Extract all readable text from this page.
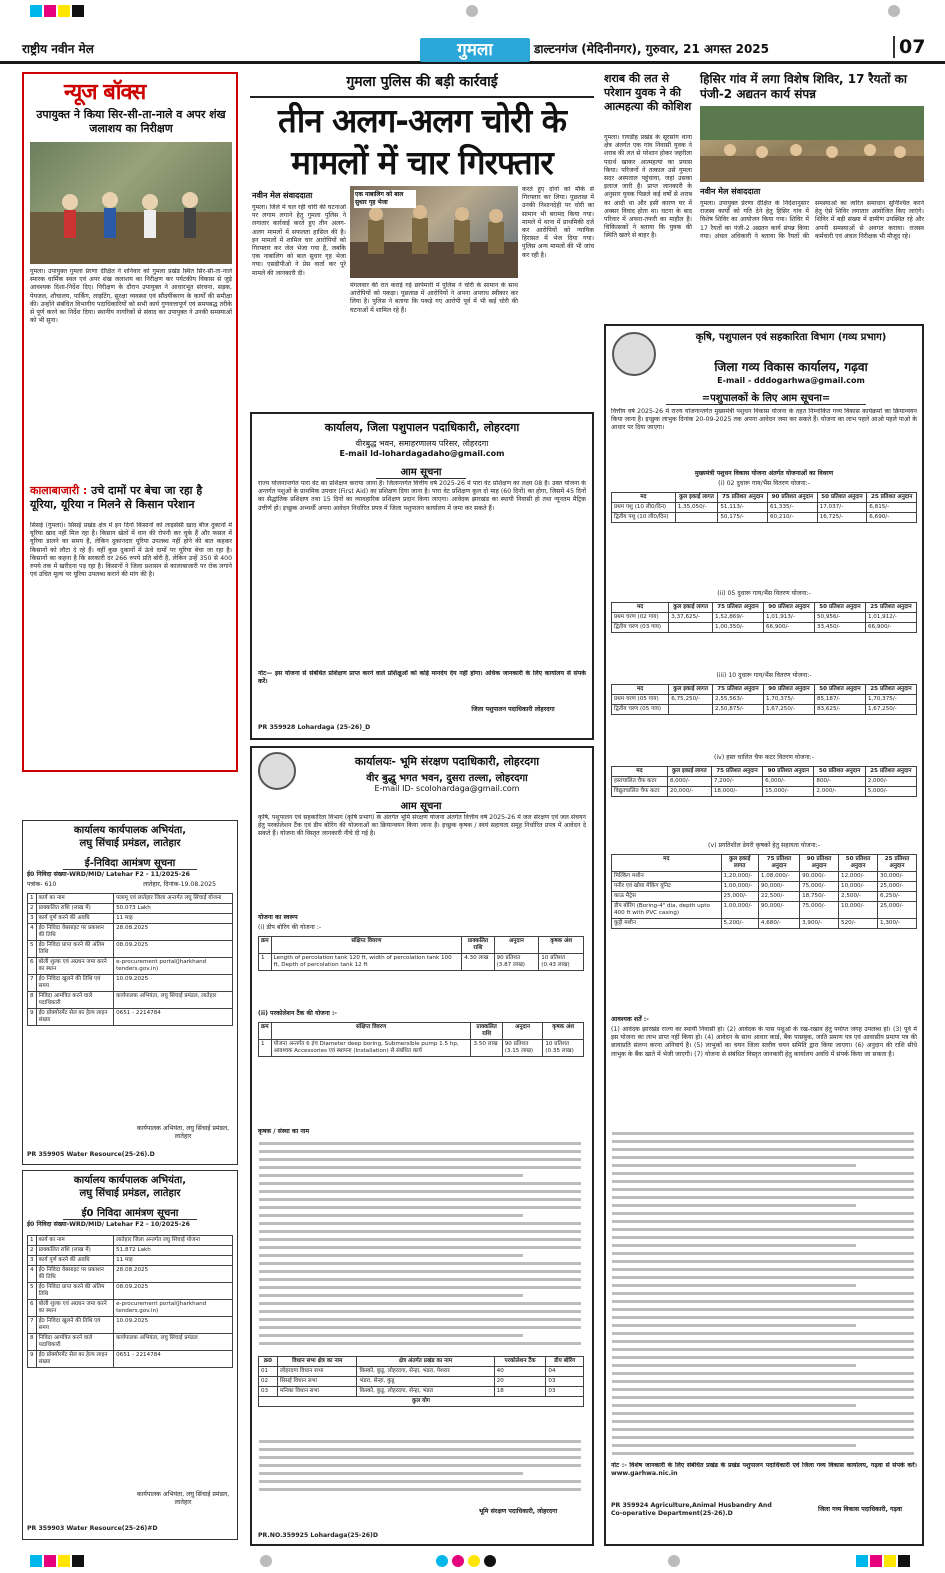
राष्ट्रीय नवीन मेल	गुमला	डाल्टनगंज (मेदिनीनगर), गुरुवार, 21 अगस्त 2025	07
न्यूज बॉक्स
उपायुक्त ने किया सिर-सी-ता-नाले व अपर शंख जलाशय का निरीक्षण
गुमला। उपायुक्त गुमला प्रेरणा दीक्षित ने शनिवार को गुमला प्रखंड स्थित सिर-सी-ता-नाले स्मारक धार्मिक स्थल एवं अपर शंख जलाशय का निरीक्षण कर पर्यटकीय विकास से जुड़े आवश्यक दिशा-निर्देश दिए। निरीक्षण के दौरान उपायुक्त ने आधारभूत संरचना, सड़क, पेयजल, शौचालय, पार्किंग, लाइटिंग, सुरक्षा व्यवस्था एवं सौंदर्यीकरण के कार्यों की समीक्षा की। उन्होंने संबंधित विभागीय पदाधिकारियों को सभी कार्य गुणवत्तापूर्ण एवं समयबद्ध तरीके से पूर्ण करने का निर्देश दिया। स्थानीय नागरिकों से संवाद कर उपायुक्त ने उनकी समस्याओं को भी सुना।
कालाबाजारी : उचे दामों पर बेचा जा रहा है यूरिया, यूरिया न मिलने से किसान परेशान
सिसई (गुमला)। सिसई प्रखंड क्षेत्र में इन दिनों किसानों को लाइसेंसी खाद बीज दुकानों में यूरिया खाद नहीं मिल रहा है। किसान खेतों में धान की रोपनी कर चुके हैं और फसल में यूरिया डालने का समय है, लेकिन दुकानदार यूरिया उपलब्ध नहीं होने की बात कहकर किसानों को लौटा दे रहे हैं। वहीं कुछ दुकानों में ऊंचे दामों पर यूरिया बेचा जा रहा है। किसानों का कहना है कि सरकारी दर 266 रुपये प्रति बोरी है, लेकिन उन्हें 350 से 400 रुपये तक में खरीदना पड़ रहा है। किसानों ने जिला प्रशासन से कालाबाजारी पर रोक लगाने एवं उचित मूल्य पर यूरिया उपलब्ध कराने की मांग की है।
कार्यालय कार्यपालक अभियंता,
लघु सिंचाई प्रमंडल, लातेहार
ई-निविदा आमंत्रण सूचना
ई0 निविदा संख्या-WRD/MID/ Latehar F2 - 11/2025-26
पत्रांक- 610	लातेहार, दिनांक-19.08.2025
1	कार्य का नाम	पलामू एवं लातेहार जिला अन्तर्गत लघु सिंचाई योजना
2	प्राक्कलित राशि (लाख में)	50.073 Lakh
3	कार्य पूर्ण करने की अवधि	11 माह
4	ई0 निविदा वेबसाइट पर प्रकाशन की तिथि	28.08.2025
5	ई0 निविदा प्राप्त करने की अंतिम तिथि	08.09.2025
6	बोली शुल्क एवं अग्रधन जमा करने का स्थान	e-procurement portal(Jharkhand tenders.gov.in)
7	ई0 निविदा खुलने की तिथि एवं समय	10.09.2025
8	निविदा आमंत्रित करने वाले पदाधिकारी	कार्यपालक अभियंता, लघु सिंचाई प्रमंडल, लातेहार
9	ई0 प्रोक्योरमेंट सेल का हेल्प लाइन संख्या	0651 - 2214784
कार्यपालक अभियंता, लघु सिंचाई प्रमंडल, लातेहार
PR 359905 Water Resource(25-26).D
कार्यालय कार्यपालक अभियंता,
लघु सिंचाई प्रमंडल, लातेहार
ई0 निविदा आमंत्रण सूचना
ई0 निविदा संख्या-WRD/MID/ Latehar F2 - 10/2025-26
1	कार्य का नाम	लातेहार जिला अन्तर्गत लघु सिंचाई योजना
2	प्राक्कलित राशि (लाख में)	51.872 Lakh
3	कार्य पूर्ण करने की अवधि	11 माह
4	ई0 निविदा वेबसाइट पर प्रकाशन की तिथि	28.08.2025
5	ई0 निविदा प्राप्त करने की अंतिम तिथि	08.09.2025
6	बोली शुल्क एवं अग्रधन जमा करने का स्थान	e-procurement portal(Jharkhand tenders.gov.in)
7	ई0 निविदा खुलने की तिथि एवं समय	10.09.2025
8	निविदा आमंत्रित करने वाले पदाधिकारी	कार्यपालक अभियंता, लघु सिंचाई प्रमंडल
9	ई0 प्रोक्योरमेंट सेल का हेल्प लाइन संख्या	0651 - 2214784
कार्यपालक अभियंता, लघु सिंचाई प्रमंडल, लातेहार
PR 359903 Water Resource(25-26)#D
गुमला पुलिस की बड़ी कार्रवाई
तीन अलग-अलग चोरी के
मामलों में चार गिरफ्तार
नवीन मेल संवाददाता
गुमला। जिले में चल रही चोरी की घटनाओं पर लगाम लगाने हेतु गुमला पुलिस ने लगातार कार्रवाई करते हुए तीन अलग-अलग मामलों में सफलता हासिल की है। इन मामलों में शामिल चार आरोपियों को गिरफ्तार कर जेल भेजा गया है, जबकि एक नाबालिग को बाल सुधार गृह भेजा गया। एसडीपीओ ने प्रेस वार्ता कर पूरे मामले की जानकारी दी।
एक नाबालिग को बाल सुधार गृह भेजा
मंगलवार की रात कराई गई छापेमारी में पुलिस ने चोरी के सामान के साथ आरोपियों को पकड़ा। पूछताछ में आरोपियों ने अपना अपराध स्वीकार कर लिया है। पुलिस ने बताया कि पकड़े गए आरोपी पूर्व में भी कई चोरी की घटनाओं में शामिल रहे हैं।
करते हुए दोनों को मौके से गिरफ्तार कर लिया। पूछताछ में उनकी निशानदेही पर चोरी का सामान भी बरामद किया गया। मामले में थाना में प्राथमिकी दर्ज कर आरोपियों को न्यायिक हिरासत में भेज दिया गया। पुलिस अन्य मामलों की भी जांच कर रही है।
कार्यालय, जिला पशुपालन पदाधिकारी, लोहरदगा
वीरबुद्ध भवन, समाहरणालय परिसर, लोहरदगा
E-mail ld-lohardagadaho@gmail.com
आम सूचना
राज्य योजनान्तर्गत पारा वेट का प्रशिक्षण कराया जाना है। जिलान्तर्गत वित्तीय वर्ष 2025-26 में पारा वेट प्रशिक्षण का लक्ष्य 08 है। उक्त योजना के अन्तर्गत पशुओं के प्राथमिक उपचार (First Aid) का प्रशिक्षण दिया जाना है। पारा वेट प्रशिक्षण कुल दो माह (60 दिनों) का होगा, जिसमें 45 दिनों का सैद्धांतिक प्रशिक्षण तथा 15 दिनों का व्यावहारिक प्रशिक्षण प्रदान किया जाएगा। आवेदक झारखंड का स्थायी निवासी हो तथा न्यूनतम मैट्रिक उत्तीर्ण हो। इच्छुक अभ्यर्थी अपना आवेदन निर्धारित प्रपत्र में जिला पशुपालन कार्यालय में जमा कर सकते हैं।
नोट— इस योजना से संबंधित प्रशिक्षण प्राप्त करने वाले प्रशिक्षुओं को कोई मानदेय देय नहीं होगा। अधिक जानकारी के लिए कार्यालय से संपर्क करें।
जिला पशुपालन पदाधिकारी लोहरदगा
PR 359928 Lohardaga (25-26)_D
कार्यालयः- भूमि संरक्षण पदाधिकारी, लोहरदगा
वीर बुद्धु भगत भवन, दुसरा तल्ला, लोहरदगा
E-mail ID- scolohardaga@gmail.com
आम सूचना
कृषि, पशुपालन एवं सहकारिता विभाग (कृषि प्रभाग) के अंतर्गत भूमि संरक्षण योजना अंतर्गत वित्तीय वर्ष 2025-26 में जल संरक्षण एवं जल संचयन हेतु परकोलेशन टैंक एवं डीप बोरिंग की योजनाओं का क्रियान्वयन किया जाना है। इच्छुक कृषक / स्वयं सहायता समूह निर्धारित प्रपत्र में आवेदन दे सकते हैं। योजना की विस्तृत जानकारी नीचे दी गई है।
योजना का स्वरूप
(i) डीप बोरिंग की योजना :-
क्रम	संक्षिप्त विवरण	प्राक्कलित राशि	अनुदान	कृषक अंश
1	Length of percolation tank 120 ft, width of percolation tank 100 ft, Depth of percolation tank 12 ft	4.30 लाख	90 प्रतिशत (3.87 लाख)	10 प्रतिशत (0.43 लाख)
(ii) परकोलेशन टैंक की योजना :-
क्रम	संक्षिप्त विवरण	प्राक्कलित राशि	अनुदान	कृषक अंश
1	योजना अन्तर्गत 6 इंच Diameter deep boring, Submersible pump 1.5 hp, आवश्यक Accessories एवं स्थापना (Installation) से संबंधित कार्य	3.50 लाख	90 प्रतिशत (3.15 लाख)	10 प्रतिशत (0.35 लाख)
कृषक / संस्था का नाम
क्र0	विधान सभा क्षेत्र का नाम	क्षेत्र अंतर्गत प्रखंड का नाम	परकोलेशन टैंक	डीप बोरिंग
01	लोहरदगा विधान सभा	किस्को, कुडू, लोहरदगा, सेन्हा, भंडरा, पेशरार	40	04
02	सिसई विधान सभा	भंडरा, सेन्हा, कुडू	20	03
03	मनिका विधान सभा	किस्को, कुडू, लोहरदगा, सेन्हा, भंडरा	18	03
कुल योग				
भूमि संरक्षण पदाधिकारी, लोहरदगा
PR.NO.359925 Lohardaga(25-26)D
शराब की लत से परेशान युवक ने की आत्महत्या की कोशिश
गुमला। रायडीह प्रखंड के सूरसांग थाना क्षेत्र अंतर्गत एक गांव निवासी युवक ने शराब की लत से परेशान होकर जहरीला पदार्थ खाकर आत्महत्या का प्रयास किया। परिजनों ने तत्काल उसे गुमला सदर अस्पताल पहुंचाया, जहां उसका इलाज जारी है। प्राप्त जानकारी के अनुसार युवक पिछले कई वर्षों से शराब का आदी था और इसी कारण घर में अक्सर विवाद होता था। घटना के बाद परिवार में अफरा-तफरी का माहौल है। चिकित्सकों ने बताया कि युवक की स्थिति खतरे से बाहर है।
हिसिर गांव में लगा विशेष शिविर, 17 रैयतों का पंजी-2 अद्यतन कार्य संपन्न
नवीन मेल संवाददाता
गुमला। उपायुक्त प्रेरणा दीक्षित के निर्देशानुसार राजस्व कार्यों को गति देने हेतु हिसिर गांव में विशेष शिविर का आयोजन किया गया। शिविर में 17 रैयतों का पंजी-2 अद्यतन कार्य संपन्न किया गया। अंचल अधिकारी ने बताया कि रैयतों की समस्याओं का त्वरित समाधान सुनिश्चित करने हेतु ऐसे शिविर लगातार आयोजित किए जाएंगे। शिविर में बड़ी संख्या में ग्रामीण उपस्थित रहे और अपनी समस्याओं से अवगत कराया। राजस्व कर्मचारी एवं अंचल निरीक्षक भी मौजूद रहे।
कृषि, पशुपालन एवं सहकारिता विभाग (गव्य प्रभाग)
जिला गव्य विकास कार्यालय, गढ़वा
E-mail - dddogarhwa@gmail.com
=पशुपालकों के लिए आम सूचना=
वित्तीय वर्ष 2025-26 में राज्य योजनान्तर्गत मुख्यमंत्री पशुधन विकास योजना के तहत निम्नांकित गव्य विकास कार्यक्रमों का क्रियान्वयन किया जाना है। इच्छुक लाभुक दिनांक 20-09-2025 तक अपना आवेदन जमा कर सकते हैं। योजना का लाभ पहले आओ पहले पाओ के आधार पर दिया जाएगा।
मुख्यमंत्री पशुधन विकास योजना अंतर्गत योजनाओं का विवरण
(i) 02 दुधारू गाय/भैंस वितरण योजना:-
मद	कुल इकाई लागत	75 प्रतिशत अनुदान	90 प्रतिशत अनुदान	50 प्रतिशत अनुदान	25 प्रतिशत अनुदान
प्रथम पशु (10 ली0/दिन)	1,35,050/-	51,113/-	61,335/-	17,037/-	6,815/-
द्वितीय पशु (10 ली0/दिन)		50,175/-	60,210/-	16,725/-	6,690/-
(ii) 05 दुधारू गाय/भैंस वितरण योजना:-
मद	कुल इकाई लागत	75 प्रतिशत अनुदान	90 प्रतिशत अनुदान	50 प्रतिशत अनुदान	25 प्रतिशत अनुदान
प्रथम चरण (02 गाय)	3,37,625/-	1,52,869/-	1,01,913/-	50,956/-	1,01,912/-
द्वितीय चरण (03 गाय)		1,00,350/-	66,900/-	33,450/-	66,900/-
(iii) 10 दुधारू गाय/भैंस वितरण योजना:-
मद	कुल इकाई लागत	75 प्रतिशत अनुदान	90 प्रतिशत अनुदान	50 प्रतिशत अनुदान	25 प्रतिशत अनुदान
प्रथम चरण (05 गाय)	6,75,250/-	2,55,563/-	1,70,375/-	85,187/-	1,70,375/-
द्वितीय चरण (05 गाय)		2,50,875/-	1,67,250/-	83,625/-	1,67,250/-
(iv) हस्त चालित चैफ कटर वितरण योजना:-
मद	कुल इकाई लागत	75 प्रतिशत अनुदान	90 प्रतिशत अनुदान	50 प्रतिशत अनुदान	25 प्रतिशत अनुदान
हस्तचालित चैफ कटर	8,000/-	7,200/-	6,000/-	800/-	2,000/-
विद्युतचालित चैफ कटर	20,000/-	18,000/-	15,000/-	2,000/-	5,000/-
(v) प्रगतिशील डेयरी कृषकों हेतु सहायता योजना:-
मद	कुल इकाई लागत	75 प्रतिशत अनुदान	90 प्रतिशत अनुदान	50 प्रतिशत अनुदान	25 प्रतिशत अनुदान
मिल्किंग मशीन	1,20,000/-	1,08,000/-	90,000/-	12,000/-	30,000/-
पनीर एवं खोवा मेकिंग यूनिट	1,00,000/-	90,000/-	75,000/-	10,000/-	25,000/-
काऊ मैट्रेस	25,000/-	22,500/-	18,750/-	2,500/-	6,250/-
डीप बोरिंग (Boring-4" dia, depth upto 400 ft with PVC casing)	1,00,000/-	90,000/-	75,000/-	10,000/-	25,000/-
कुट्टी मशीन	5,200/-	4,680/-	3,900/-	520/-	1,300/-
आवश्यक शर्तें :-
(1) आवेदक झारखंड राज्य का स्थायी निवासी हो। (2) आवेदक के पास पशुओं के रख-रखाव हेतु पर्याप्त जगह उपलब्ध हो। (3) पूर्व में इस योजना का लाभ प्राप्त नहीं किया हो। (4) आवेदन के साथ आधार कार्ड, बैंक पासबुक, जाति प्रमाण पत्र एवं आवासीय प्रमाण पत्र की छायाप्रति संलग्न करना अनिवार्य है। (5) लाभुकों का चयन जिला स्तरीय चयन समिति द्वारा किया जाएगा। (6) अनुदान की राशि सीधे लाभुक के बैंक खाते में भेजी जाएगी। (7) योजना से संबंधित विस्तृत जानकारी हेतु कार्यालय अवधि में संपर्क किया जा सकता है।
नोट :- विशेष जानकारी के लिए संबंधित प्रखंड के प्रखंड पशुपालन पदाधिकारी एवं जिला गव्य विकास कार्यालय, गढ़वा से संपर्क करें। www.garhwa.nic.in
PR 359924 Agriculture,Animal Husbandry And Co-operative Department(25-26).D
जिला गव्य विकास पदाधिकारी, गढ़वा
